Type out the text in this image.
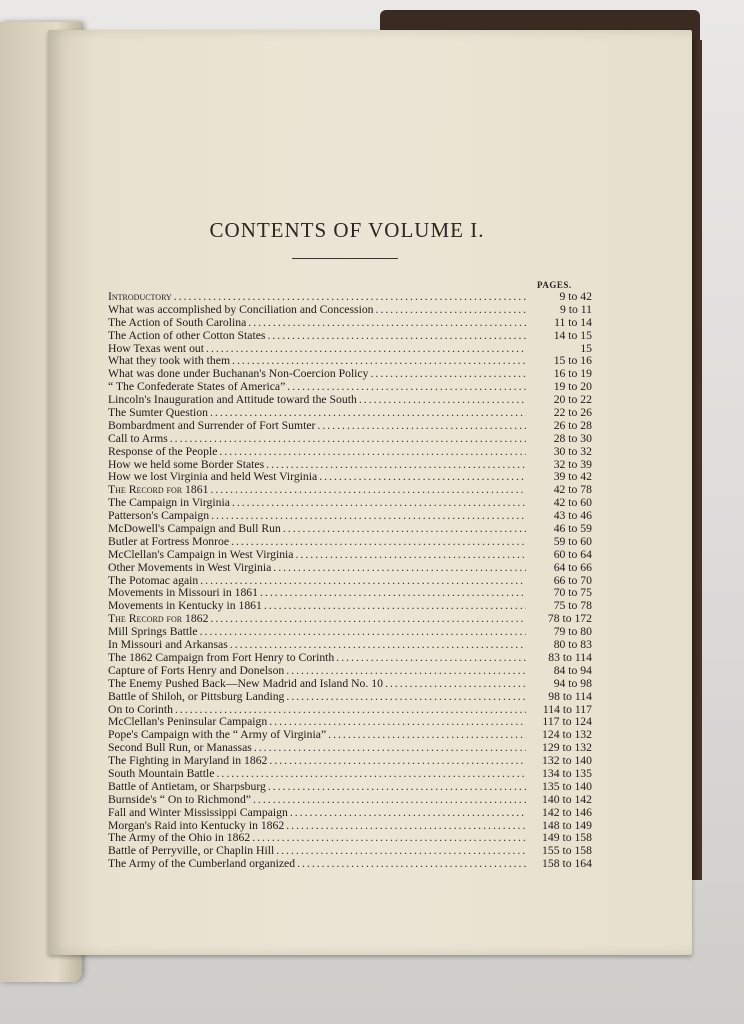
CONTENTS OF VOLUME I.
PAGES.
Introductory .....	9 to 42
What was accomplished by Conciliation and Concession .....	9 to 11
The Action of South Carolina .....	11 to 14
The Action of other Cotton States .....	14 to 15
How Texas went out .....	15
What they took with them .....	15 to 16
What was done under Buchanan's Non-Coercion Policy .....	16 to 19
“ The Confederate States of America” .....	19 to 20
Lincoln's Inauguration and Attitude toward the South .....	20 to 22
The Sumter Question .....	22 to 26
Bombardment and Surrender of Fort Sumter .....	26 to 28
Call to Arms .....	28 to 30
Response of the People .....	30 to 32
How we held some Border States .....	32 to 39
How we lost Virginia and held West Virginia .....	39 to 42
The Record for 1861 .....	42 to 78
The Campaign in Virginia .....	42 to 60
Patterson's Campaign .....	43 to 46
McDowell's Campaign and Bull Run .....	46 to 59
Butler at Fortress Monroe .....	59 to 60
McClellan's Campaign in West Virginia .....	60 to 64
Other Movements in West Virginia .....	64 to 66
The Potomac again .....	66 to 70
Movements in Missouri in 1861 .....	70 to 75
Movements in Kentucky in 1861 .....	75 to 78
The Record for 1862 .....	78 to 172
Mill Springs Battle .....	79 to 80
In Missouri and Arkansas .....	80 to 83
The 1862 Campaign from Fort Henry to Corinth .....	83 to 114
Capture of Forts Henry and Donelson .....	84 to 94
The Enemy Pushed Back—New Madrid and Island No. 10 .....	94 to 98
Battle of Shiloh, or Pittsburg Landing .....	98 to 114
On to Corinth .....	114 to 117
McClellan's Peninsular Campaign .....	117 to 124
Pope's Campaign with the “ Army of Virginia” .....	124 to 132
Second Bull Run, or Manassas .....	129 to 132
The Fighting in Maryland in 1862 .....	132 to 140
South Mountain Battle .....	134 to 135
Battle of Antietam, or Sharpsburg .....	135 to 140
Burnside's “ On to Richmond” .....	140 to 142
Fall and Winter Mississippi Campaign .....	142 to 146
Morgan's Raid into Kentucky in 1862 .....	148 to 149
The Army of the Ohio in 1862 .....	149 to 158
Battle of Perryville, or Chaplin Hill .....	155 to 158
The Army of the Cumberland organized .....	158 to 164
